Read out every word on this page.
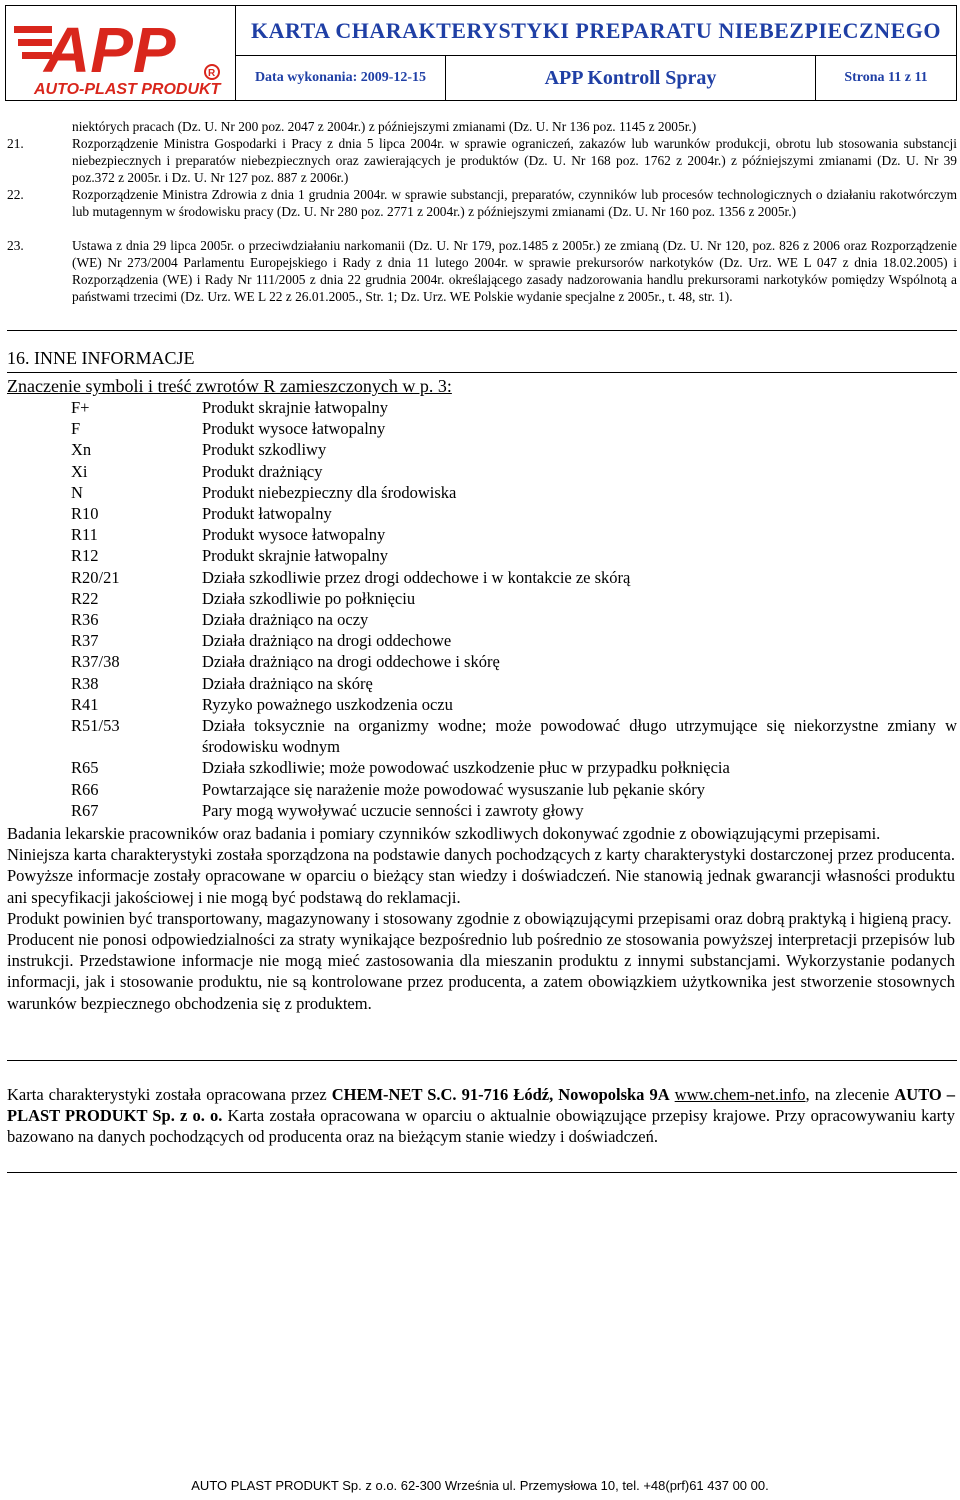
APP	R
AUTO-PLAST PRODUKT
KARTA CHARAKTERYSTYKI PREPARATU NIEBEZPIECZNEGO
Data wykonania: 2009-12-15	APP Kontroll Spray	Strona 11 z 11
niektórych pracach (Dz. U. Nr 200 poz. 2047 z 2004r.) z późniejszymi zmianami (Dz. U. Nr 136 poz. 1145 z 2005r.)
21.	Rozporządzenie Ministra Gospodarki i Pracy z dnia 5 lipca 2004r. w sprawie ograniczeń, zakazów lub warunków produkcji, obrotu lub stosowania substancji niebezpiecznych i preparatów niebezpiecznych oraz zawierających je produktów (Dz. U. Nr 168 poz. 1762 z 2004r.) z późniejszymi zmianami (Dz. U. Nr 39 poz.372 z 2005r. i Dz. U. Nr 127 poz. 887 z 2006r.)
22.	Rozporządzenie Ministra Zdrowia z dnia 1 grudnia 2004r. w sprawie substancji, preparatów, czynników lub procesów technologicznych o działaniu rakotwórczym lub mutagennym w środowisku pracy (Dz. U. Nr 280 poz. 2771 z 2004r.) z późniejszymi zmianami (Dz. U. Nr 160 poz. 1356 z 2005r.)
23.	Ustawa z dnia 29 lipca 2005r. o przeciwdziałaniu narkomanii (Dz. U. Nr 179, poz.1485 z 2005r.) ze zmianą (Dz. U. Nr 120, poz. 826 z 2006 oraz Rozporządzenie (WE) Nr 273/2004 Parlamentu Europejskiego i Rady z dnia 11 lutego 2004r. w sprawie prekursorów narkotyków (Dz. Urz. WE L 047 z dnia 18.02.2005) i Rozporządzenia (WE) i Rady Nr 111/2005 z dnia 22 grudnia 2004r. określającego zasady nadzorowania handlu prekursorami narkotyków pomiędzy Wspólnotą a państwami trzecimi (Dz. Urz. WE L 22 z 26.01.2005., Str. 1; Dz. Urz. WE Polskie wydanie specjalne z 2005r., t. 48, str. 1).
16. INNE INFORMACJE
Znaczenie symboli i treść zwrotów R zamieszczonych w p. 3:
F+	Produkt skrajnie łatwopalny
F	Produkt wysoce łatwopalny
Xn	Produkt szkodliwy
Xi	Produkt drażniący
N	Produkt niebezpieczny dla środowiska
R10	Produkt łatwopalny
R11	Produkt wysoce łatwopalny
R12	Produkt skrajnie łatwopalny
R20/21	Działa szkodliwie przez drogi oddechowe i w kontakcie ze skórą
R22	Działa szkodliwie po połknięciu
R36	Działa drażniąco na oczy
R37	Działa drażniąco na drogi oddechowe
R37/38	Działa drażniąco na drogi oddechowe i skórę
R38	Działa drażniąco na skórę
R41	Ryzyko poważnego uszkodzenia oczu
R51/53	Działa toksycznie na organizmy wodne; może powodować długo utrzymujące się niekorzystne zmiany w środowisku wodnym
R65	Działa szkodliwie; może powodować uszkodzenie płuc w przypadku połknięcia
R66	Powtarzające się narażenie może powodować wysuszanie lub pękanie skóry
R67	Pary mogą wywoływać uczucie senności i zawroty głowy

Badania lekarskie pracowników oraz badania i pomiary czynników szkodliwych dokonywać zgodnie z obowiązującymi przepisami.

Niniejsza karta charakterystyki została sporządzona na podstawie danych pochodzących z karty charakterystyki dostarczonej przez producenta. Powyższe informacje zostały opracowane w oparciu o bieżący stan wiedzy i doświadczeń. Nie stanowią jednak gwarancji własności produktu ani specyfikacji jakościowej i nie mogą być podstawą do reklamacji.

Produkt powinien być transportowany, magazynowany i stosowany zgodnie z obowiązującymi przepisami oraz dobrą praktyką i higieną pracy.

Producent nie ponosi odpowiedzialności za straty wynikające bezpośrednio lub pośrednio ze stosowania powyższej interpretacji przepisów lub instrukcji. Przedstawione informacje nie mogą mieć zastosowania dla mieszanin produktu z innymi substancjami. Wykorzystanie podanych informacji, jak i stosowanie produktu, nie są kontrolowane przez producenta, a zatem obowiązkiem użytkownika jest stworzenie stosownych warunków bezpiecznego obchodzenia się z produktem.

Karta charakterystyki została opracowana przez CHEM-NET S.C. 91-716 Łódź, Nowopolska 9A www.chem-net.info, na zlecenie AUTO – PLAST PRODUKT Sp. z o. o. Karta została opracowana w oparciu o aktualnie obowiązujące przepisy krajowe. Przy opracowywaniu karty bazowano na danych pochodzących od producenta oraz na bieżącym stanie wiedzy i doświadczeń.

AUTO PLAST PRODUKT Sp. z o.o. 62-300 Września ul. Przemysłowa 10, tel. +48(prf)61 437 00 00.
